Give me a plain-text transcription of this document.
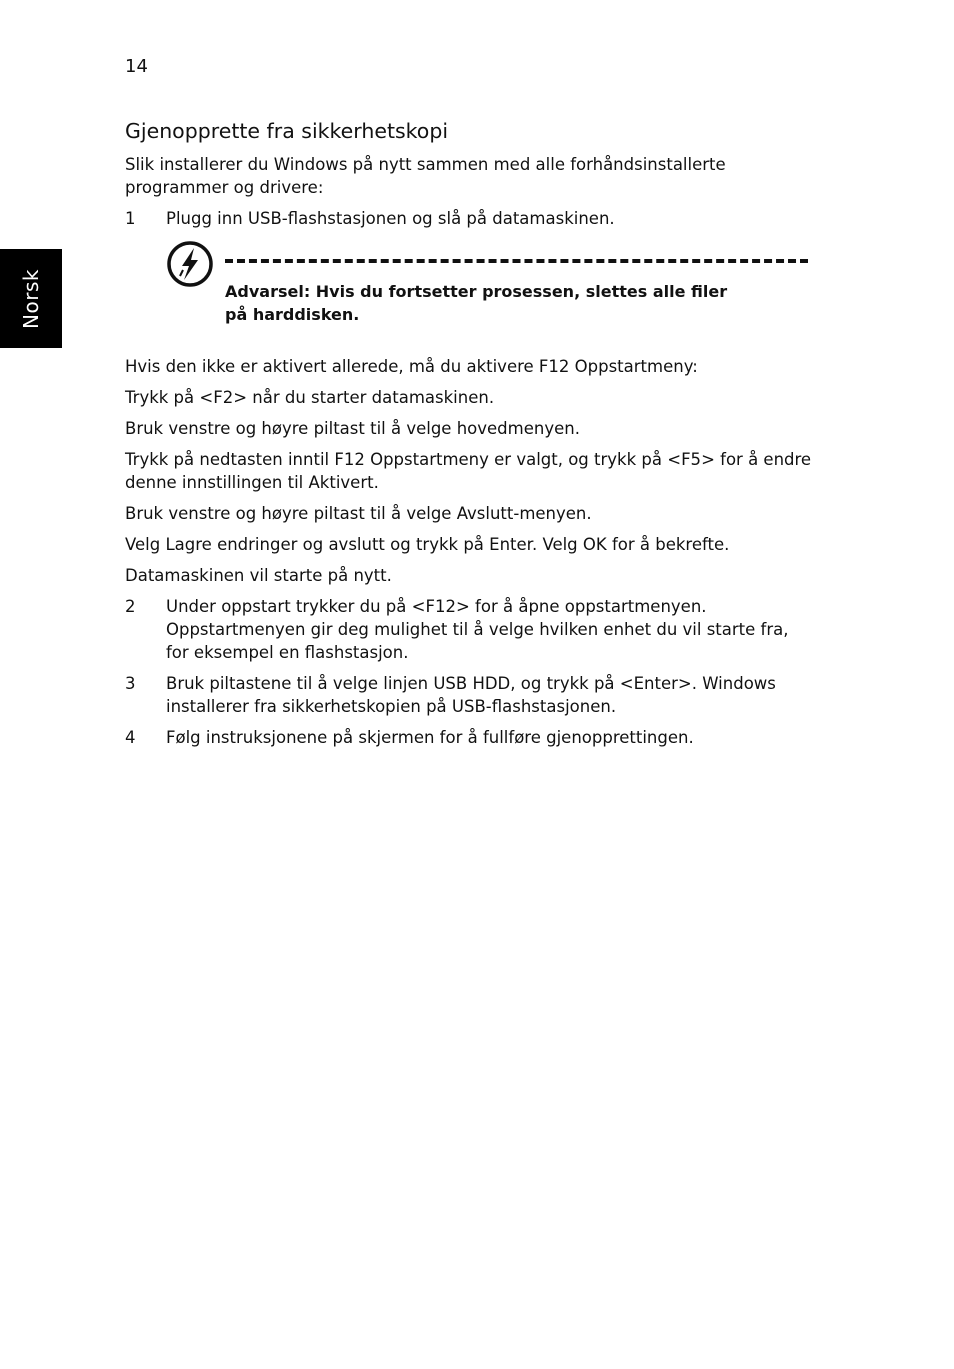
14
Norsk
Gjenopprette fra sikkerhetskopi

Slik installerer du Windows på nytt sammen med alle forhåndsinstallerte programmer og drivere:

1 Plugg inn USB-flashstasjonen og slå på datamaskinen.
Advarsel: Hvis du fortsetter prosessen, slettes alle filer på harddisken.

Hvis den ikke er aktivert allerede, må du aktivere F12 Oppstartmeny:

Trykk på <F2> når du starter datamaskinen.

Bruk venstre og høyre piltast til å velge hovedmenyen.

Trykk på nedtasten inntil F12 Oppstartmeny er valgt, og trykk på <F5> for å endre denne innstillingen til Aktivert.

Bruk venstre og høyre piltast til å velge Avslutt-menyen.

Velg Lagre endringer og avslutt og trykk på Enter. Velg OK for å bekrefte.

Datamaskinen vil starte på nytt.

2 Under oppstart trykker du på <F12> for å åpne oppstartmenyen. Oppstartmenyen gir deg mulighet til å velge hvilken enhet du vil starte fra, for eksempel en flashstasjon.
3 Bruk piltastene til å velge linjen USB HDD, og trykk på <Enter>. Windows installerer fra sikkerhetskopien på USB-flashstasjonen.
4 Følg instruksjonene på skjermen for å fullføre gjenopprettingen.
